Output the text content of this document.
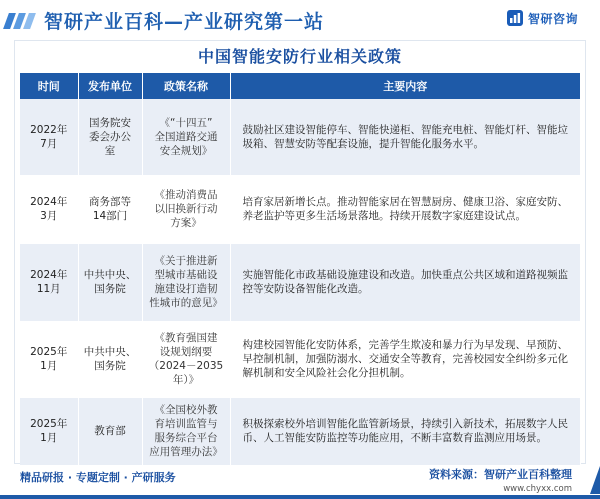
智研产业百科—产业研究第一站	智研咨询
中国智能安防行业相关政策
时间	发布单位	政策名称	主要内容
2022年
7月	国务院安
委会办公
室	《“十四五”
全国道路交通
安全规划》	鼓励社区建设智能停车、智能快递柜、智能充电桩、智能灯杆、智能垃圾箱、智慧安防等配套设施，提升智能化服务水平。
2024年
3月	商务部等
14部门	《推动消费品
以旧换新行动
方案》	培育家居新增长点。推动智能家居在智慧厨房、健康卫浴、家庭安防、养老监护等更多生活场景落地。持续开展数字家庭建设试点。
2024年
11月	中共中央、
国务院	《关于推进新
型城市基础设
施建设打造韧
性城市的意见》	实施智能化市政基础设施建设和改造。加快重点公共区域和道路视频监控等安防设备智能化改造。
2025年
1月	中共中央、
国务院	《教育强国建
设规划纲要
（2024－2035
年）》	构建校园智能化安防体系，完善学生欺凌和暴力行为早发现、早预防、早控制机制，加强防溺水、交通安全等教育，完善校园安全纠纷多元化解机制和安全风险社会化分担机制。
2025年
1月	教育部	《全国校外教
育培训监管与
服务综合平台
应用管理办法》	积极探索校外培训智能化监管新场景，持续引入新技术，拓展数字人民币、人工智能安防监控等功能应用，不断丰富数育监测应用场景。
精品研报 · 专题定制 · 产研服务	资料来源：智研产业百科整理
www.chyxx.com
